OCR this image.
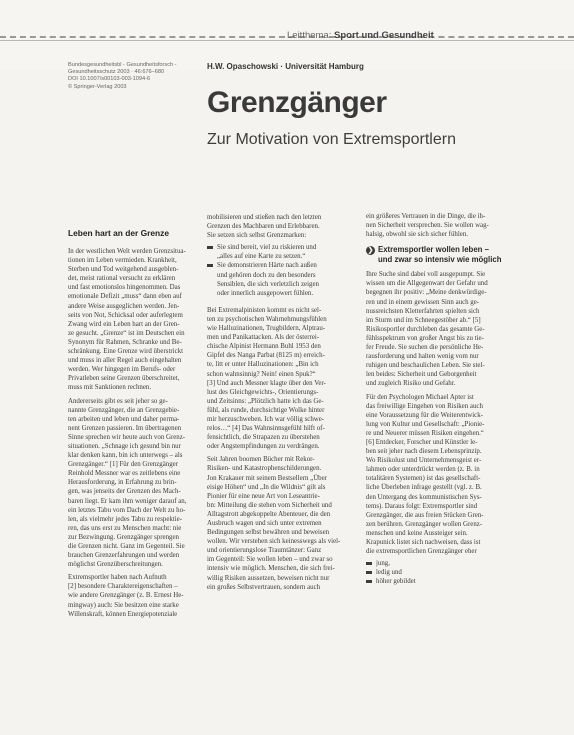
Leitthema: Sport und Gesundheit
Bundesgesundheitsbl - Gesundheitsforsch -
Gesundheitsschutz 2003 · 46:676–680
DOI 10.1007/s00103-003-1094-6
© Springer-Verlag 2003
H.W. Opaschowski · Universität Hamburg
Grenzgänger
Zur Motivation von Extremsportlern
Leben hart an der Grenze
In der westlichen Welt werden Grenzsitua-
tionen im Leben vermieden. Krankheit,
Sterben und Tod weitgehend ausgeblen-
det, meist rational versucht zu erklären
und fast emotionslos hingenommen. Das
emotionale Defizit „muss“ dann eben auf
andere Weise ausgeglichen werden. Jen-
seits von Not, Schicksal oder auferlegtem
Zwang wird ein Leben hart an der Gren-
ze gesucht. „Grenze“ ist im Deutschen ein
Synonym für Rahmen, Schranke und Be-
schränkung. Eine Grenze wird überstrickt
und muss in aller Regel auch eingehalten
werden. Wer hingegen im Berufs- oder
Privatleben seine Grenzen überschreitet,
muss mit Sanktionen rechnen.
Andererseits gibt es seit jeher so ge-
nannte Grenzgänger, die an Grenzgebie-
ten arbeiten und leben und daher perma-
nent Grenzen passieren. Im übertragenen
Sinne sprechen wir heute auch von Grenz-
situationen. „Schnage ich gesund bin nur
klar denken kann, bin ich unterwegs – als
Grenzgänger.“ [1] Für den Grenzgänger
Reinhold Messner war es zeitlebens eine
Herausforderung, in Erfahrung zu brin-
gen, was jenseits der Grenzen des Mach-
baren liegt. Er kam ihm weniger darauf an,
ein letztes Tabu vom Dach der Welt zu ho-
len, als vielmehr jedes Tabu zu respektie-
ren, das uns erst zu Menschen macht: nie
zur Bezwingung. Grenzgänger sprengen
die Grenzen nicht. Ganz im Gegenteil. Sie
brauchen Grenzerfahrungen und werden
möglichst Grenzüberschreitungen.
Extremsportler haben nach Aufnuth
[2] besondere Charaktereigenschaften –
wie andere Grenzgänger (z. B. Ernest He-
mingway) auch: Sie besitzen eine starke
Willenskraft, können Energiepotenziale
mobilisieren und stießen nach den letzten
Grenzen des Machbaren und Erlebbaren.
Sie setzen sich selbst Grenzmarken:
Sie sind bereit, viel zu riskieren und
„alles auf eine Karte zu setzen.“
Sie demonstrieren Härte nach außen
und gehören doch zu den besonders
Sensiblen, die sich verletzlich zeigen
oder innerlich ausgepowert fühlen.
Bei Extremalpinisten kommt es nicht sel-
ten zu psychotischen Wahrnehmungsfühlen
wie Halluzinationen, Trugbildern, Alptrau-
men und Panikattacken. Als der österrei-
chische Alpinist Hermann Buhl 1953 den
Gipfel des Nanga Parbat (8125 m) erreich-
te, litt er unter Halluzinationen: „Bin ich
schon wahnsinnig? Nein! einen Spuk?“
[3] Und auch Messner klagte über den Ver-
lust des Gleichgewichts-, Orientierungs-
und Zeitsinns: „Plötzlich hatte ich das Ge-
fühl, als runde, durchsichtige Wolke hinter
mir herzuschweben. Ich war völlig schwe-
relos…“ [4] Das Wahnsinnsgefühl hilft of-
fensichtlich, die Strapazen zu überstehen
oder Angstempfindungen zu verdrängen.
Seit Jahren boomen Bücher mit Rekor-
Risiken- und Katastrophenschilderungen.
Jon Krakauer mit seinem Bestsellern „Über
eisige Höhen“ und „In die Wildnis“ gilt als
Pionier für eine neue Art von Leseantrie-
bn: Mitteilung die stehen vom Sicherheit und
Alltagstrott abgekoppelte Abenteuer, die den
Ausbruch wagen und sich unter extremen
Bedingungen selbst bewähren und beweisen
wollen. Wir verstehen sich keinesswegs als viel-
und orientierungslose Traumtänzer: Ganz
im Gegenteil: Sie wollen leben – und zwar so
intensiv wie möglich. Menschen, die sich frei-
willig Risiken aussetzen, beweisen nicht nur
ein großes Selbstvertrauen, sondern auch
ein größeres Vertrauen in die Dinge, die ih-
nen Sicherheit versprechen. Sie wollen wag-
halsig, obwohl sie sich sicher fühlen.
❯ Extremsportler wollen leben –
und zwar so intensiv wie möglich
Ihre Suche sind dabei voll ausgepumpt. Sie
wissen um die Allgegenwart der Gefahr und
begegnen ihr positiv: „Meine denkwürdige-
ren und in einem gewissen Sinn auch ge-
nussreichsten Kletterfahrten spielten sich
im Sturm und im Schneegestöber ab.“ [5]
Risikosportler durchleben das gesamte Ge-
fühlsspektrum von großer Angst bis zu tie-
fer Freude. Sie suchen die persönliche He-
rausforderung und halten wenig vom nur
ruhigen und beschaulichen Leben. Sie stel-
len beides: Sicherheit und Geborgenheit
und zugleich Risiko und Gefahr.
Für den Psychologen Michael Apter ist
das freiwillige Eingehen von Risiken auch
eine Voraussetzung für die Weiterentwick-
lung von Kultur und Gesellschaft: „Pionie-
re und Neuerer müssen Risiken eingehen.“
[6] Entdecker, Forscher und Künstler le-
ben seit jeher nach diesem Lebensprinzip.
Wo Risikolust und Unternehmensgeist er-
lahmen oder unterdrückt werden (z. B. in
totalitären Systemen) ist das gesellschaft-
liche Überleben infrage gestellt (vgl. z. B.
den Untergang des kommunistischen Sys-
tems). Daraus folgt: Extremsportler sind
Grenzgänger, die aus freien Stücken Gren-
zen berühren. Grenzgänger wollen Grenz-
menschen und keine Aussteiger sein.
Krapunick listet sich nachweisen, dass ist
die extremsportlichen Grenzgänger eher
jung,
ledig und
höher gebildet
